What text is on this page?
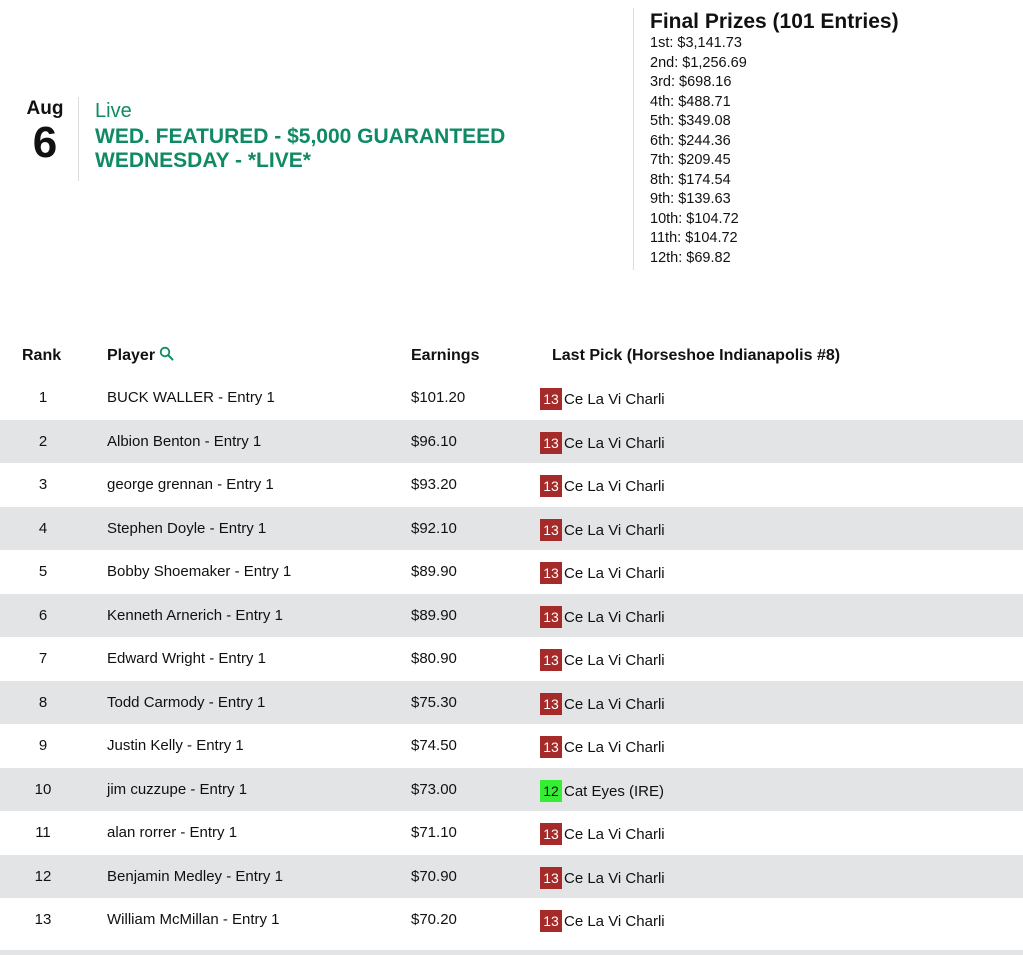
Aug
6
Live
WED. FEATURED - $5,000 GUARANTEED
WEDNESDAY - *LIVE*
Final Prizes (101 Entries)
1st: $3,141.73
2nd: $1,256.69
3rd: $698.16
4th: $488.71
5th: $349.08
6th: $244.36
7th: $209.45
8th: $174.54
9th: $139.63
10th: $104.72
11th: $104.72
12th: $69.82
Rank	Player	Earnings	Last Pick (Horseshoe Indianapolis #8)
1	BUCK WALLER - Entry 1	$101.20	13 Ce La Vi Charli
2	Albion Benton - Entry 1	$96.10	13 Ce La Vi Charli
3	george grennan - Entry 1	$93.20	13 Ce La Vi Charli
4	Stephen Doyle - Entry 1	$92.10	13 Ce La Vi Charli
5	Bobby Shoemaker - Entry 1	$89.90	13 Ce La Vi Charli
6	Kenneth Arnerich - Entry 1	$89.90	13 Ce La Vi Charli
7	Edward Wright - Entry 1	$80.90	13 Ce La Vi Charli
8	Todd Carmody - Entry 1	$75.30	13 Ce La Vi Charli
9	Justin Kelly - Entry 1	$74.50	13 Ce La Vi Charli
10	jim cuzzupe - Entry 1	$73.00	12 Cat Eyes (IRE)
11	alan rorrer - Entry 1	$71.10	13 Ce La Vi Charli
12	Benjamin Medley - Entry 1	$70.90	13 Ce La Vi Charli
13	William McMillan - Entry 1	$70.20	13 Ce La Vi Charli
